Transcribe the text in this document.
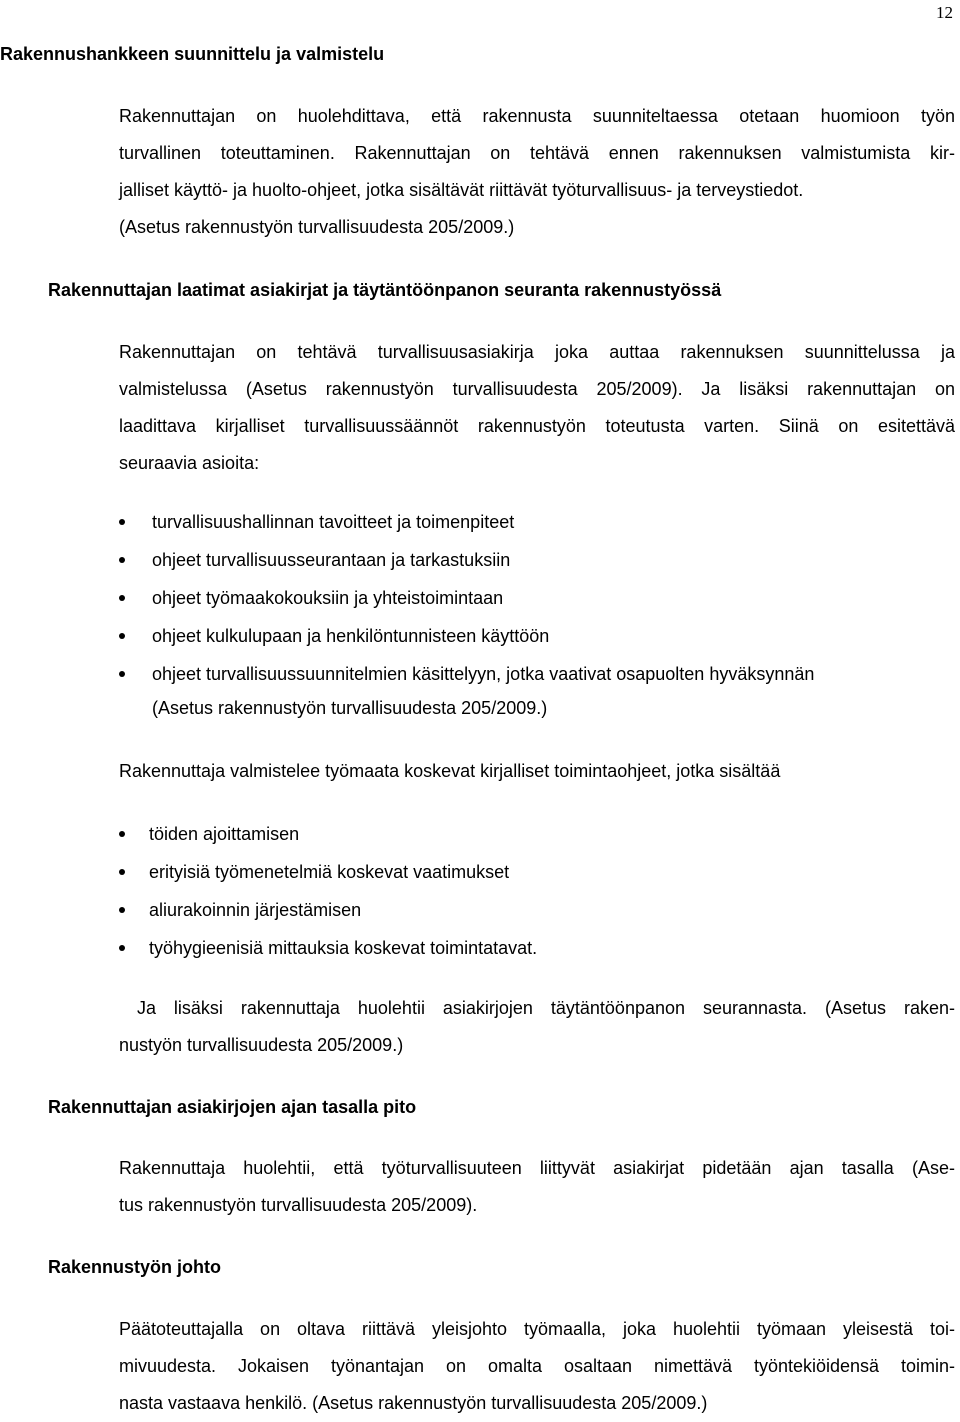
12
Rakennushankkeen suunnittelu ja valmistelu
Rakennuttajan on huolehdittava, että rakennusta suunniteltaessa otetaan huomioon työn
turvallinen toteuttaminen. Rakennuttajan on tehtävä ennen rakennuksen valmistumista kir-
jalliset käyttö- ja huolto-ohjeet, jotka sisältävät riittävät työturvallisuus- ja terveystiedot.
(Asetus rakennustyön turvallisuudesta 205/2009.)
Rakennuttajan laatimat asiakirjat ja täytäntöönpanon seuranta rakennustyössä
Rakennuttajan on tehtävä turvallisuusasiakirja joka auttaa rakennuksen suunnittelussa ja
valmistelussa (Asetus rakennustyön turvallisuudesta 205/2009). Ja lisäksi rakennuttajan on
laadittava kirjalliset turvallisuussäännöt rakennustyön toteutusta varten. Siinä on esitettävä
seuraavia asioita:
turvallisuushallinnan tavoitteet ja toimenpiteet
ohjeet turvallisuusseurantaan ja tarkastuksiin
ohjeet työmaakokouksiin ja yhteistoimintaan
ohjeet kulkulupaan ja henkilöntunnisteen käyttöön
ohjeet turvallisuussuunnitelmien käsittelyyn, jotka vaativat osapuolten hyväksynnän
(Asetus rakennustyön turvallisuudesta 205/2009.)
Rakennuttaja valmistelee työmaata koskevat kirjalliset toimintaohjeet, jotka sisältää
töiden ajoittamisen
erityisiä työmenetelmiä koskevat vaatimukset
aliurakoinnin järjestämisen
työhygieenisiä mittauksia koskevat toimintatavat.
Ja lisäksi rakennuttaja huolehtii asiakirjojen täytäntöönpanon seurannasta. (Asetus raken-
nustyön turvallisuudesta 205/2009.)
Rakennuttajan asiakirjojen ajan tasalla pito
Rakennuttaja huolehtii, että työturvallisuuteen liittyvät asiakirjat pidetään ajan tasalla (Ase-
tus rakennustyön turvallisuudesta 205/2009).
Rakennustyön johto
Päätoteuttajalla on oltava riittävä yleisjohto työmaalla, joka huolehtii työmaan yleisestä toi-
mivuudesta. Jokaisen työnantajan on omalta osaltaan nimettävä työntekiöidensä toimin-
nasta vastaava henkilö. (Asetus rakennustyön turvallisuudesta 205/2009.)
